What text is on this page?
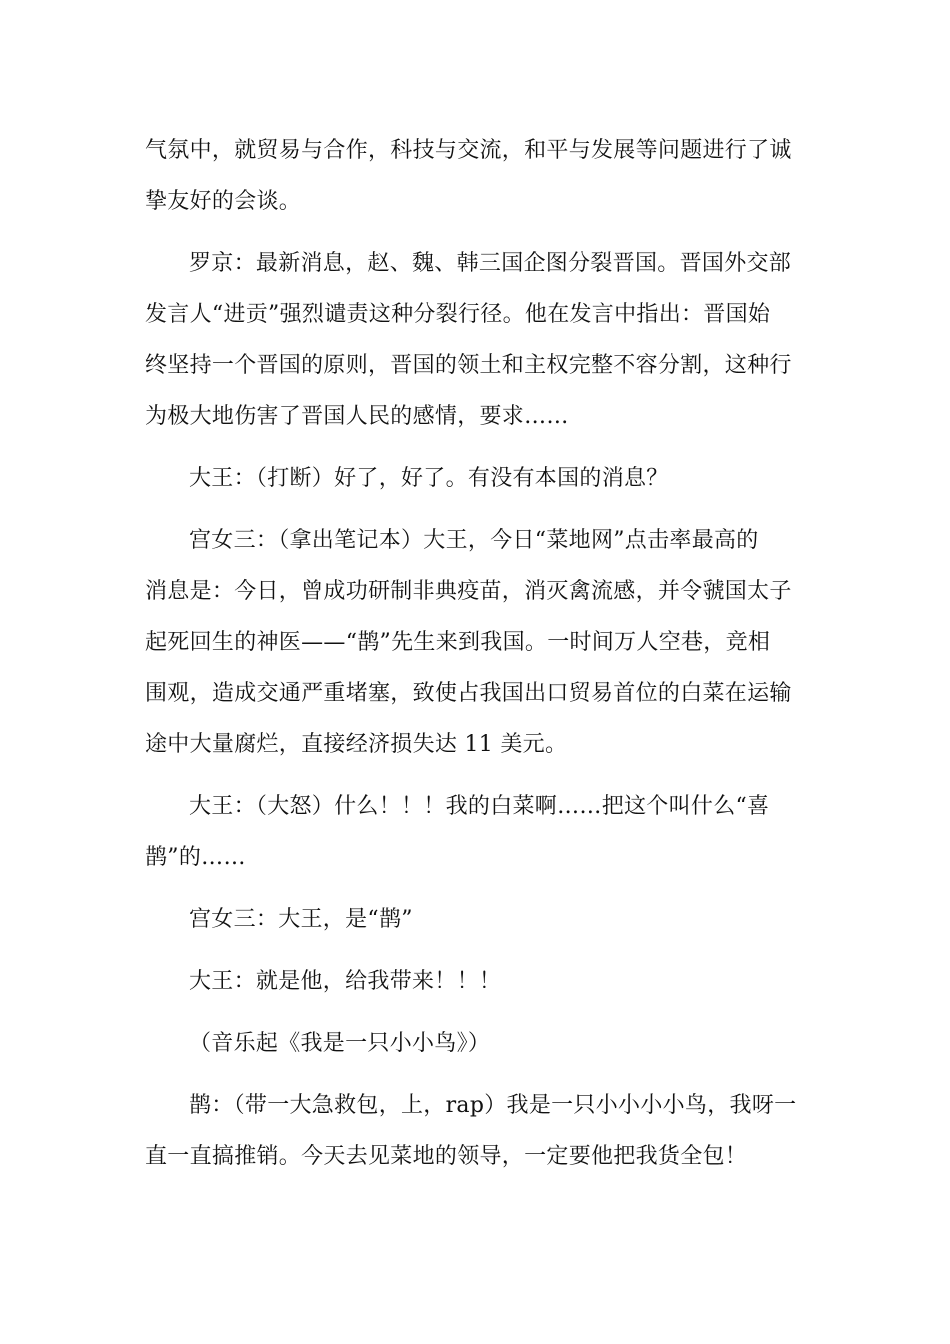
气氛中，就贸易与合作，科技与交流，和平与发展等问题进行了诚
挚友好的会谈。

罗京：最新消息，赵、魏、韩三国企图分裂晋国。晋国外交部
发言人“进贡”强烈谴责这种分裂行径。他在发言中指出：晋国始
终坚持一个晋国的原则，晋国的领土和主权完整不容分割，这种行
为极大地伤害了晋国人民的感情，要求……

大王：（打断）好了，好了。有没有本国的消息？

宫女三：（拿出笔记本）大王，今日“菜地网”点击率最高的
消息是：今日，曾成功研制非典疫苗，消灭禽流感，并令虢国太子
起死回生的神医——“鹊”先生来到我国。一时间万人空巷，竞相
围观，造成交通严重堵塞，致使占我国出口贸易首位的白菜在运输
途中大量腐烂，直接经济损失达 11 美元。

大王：（大怒）什么！！！我的白菜啊……把这个叫什么“喜
鹊”的……

宫女三：大王，是“鹊”

大王：就是他，给我带来！！！

（音乐起《我是一只小小鸟》）

鹊：（带一大急救包，上，rap）我是一只小小小小鸟，我呀一
直一直搞推销。今天去见菜地的领导，一定要他把我货全包！
